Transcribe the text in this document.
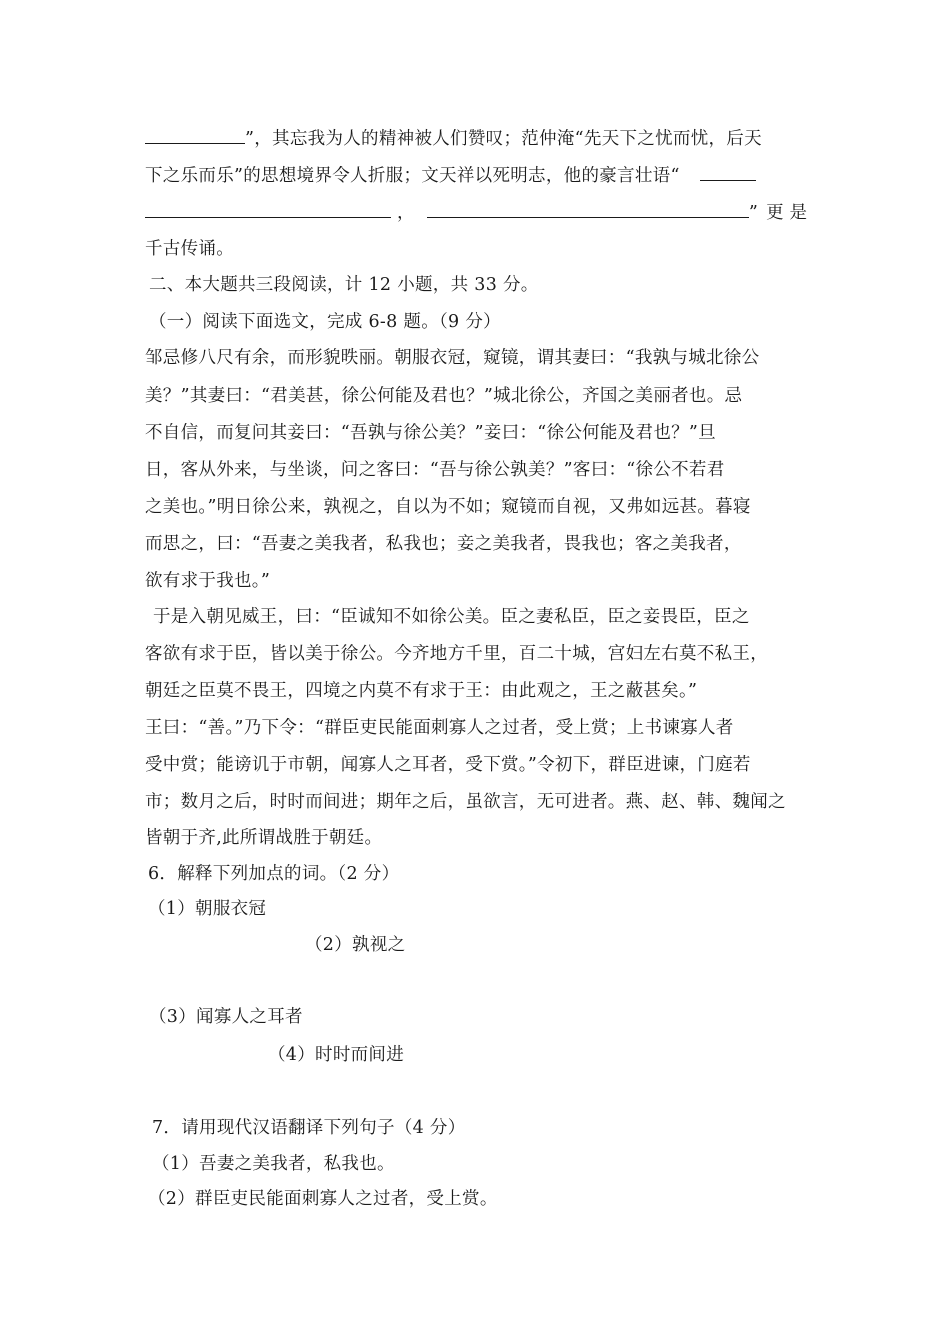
”，其忘我为人的精神被人们赞叹；范仲淹“先天下之忧而忧，后天
下之乐而乐”的思想境界令人折服；文天祥以死明志，他的豪言壮语“
，	” 更是
千古传诵。
二、本大题共三段阅读，计 12 小题，共 33 分。
（一）阅读下面选文，完成 6-8 题。（9 分）
邹忌修八尺有余，而形貌昳丽。朝服衣冠，窥镜，谓其妻曰：“我孰与城北徐公
美？”其妻曰：“君美甚，徐公何能及君也？”城北徐公，齐国之美丽者也。忌
不自信，而复问其妾曰：“吾孰与徐公美？”妾曰：“徐公何能及君也？”旦
日，客从外来，与坐谈，问之客曰：“吾与徐公孰美？”客曰：“徐公不若君
之美也。”明日徐公来，孰视之，自以为不如；窥镜而自视，又弗如远甚。暮寝
而思之，曰：“吾妻之美我者，私我也；妾之美我者，畏我也；客之美我者，
欲有求于我也。”
于是入朝见威王，曰：“臣诚知不如徐公美。臣之妻私臣，臣之妾畏臣，臣之
客欲有求于臣，皆以美于徐公。今齐地方千里，百二十城，宫妇左右莫不私王，
朝廷之臣莫不畏王，四境之内莫不有求于王：由此观之，王之蔽甚矣。”
王曰：“善。”乃下令：“群臣吏民能面刺寡人之过者，受上赏；上书谏寡人者
受中赏；能谤讥于市朝，闻寡人之耳者，受下赏。”令初下，群臣进谏，门庭若
市；数月之后，时时而间进；期年之后，虽欲言，无可进者。燕、赵、韩、魏闻之
皆朝于齐,此所谓战胜于朝廷。
6．解释下列加点的词。（2 分）
（1）朝服衣冠
（2）孰视之
（3）闻寡人之耳者
（4）时时而间进
7．请用现代汉语翻译下列句子（4 分）
（1）吾妻之美我者，私我也。
（2）群臣吏民能面刺寡人之过者，受上赏。
